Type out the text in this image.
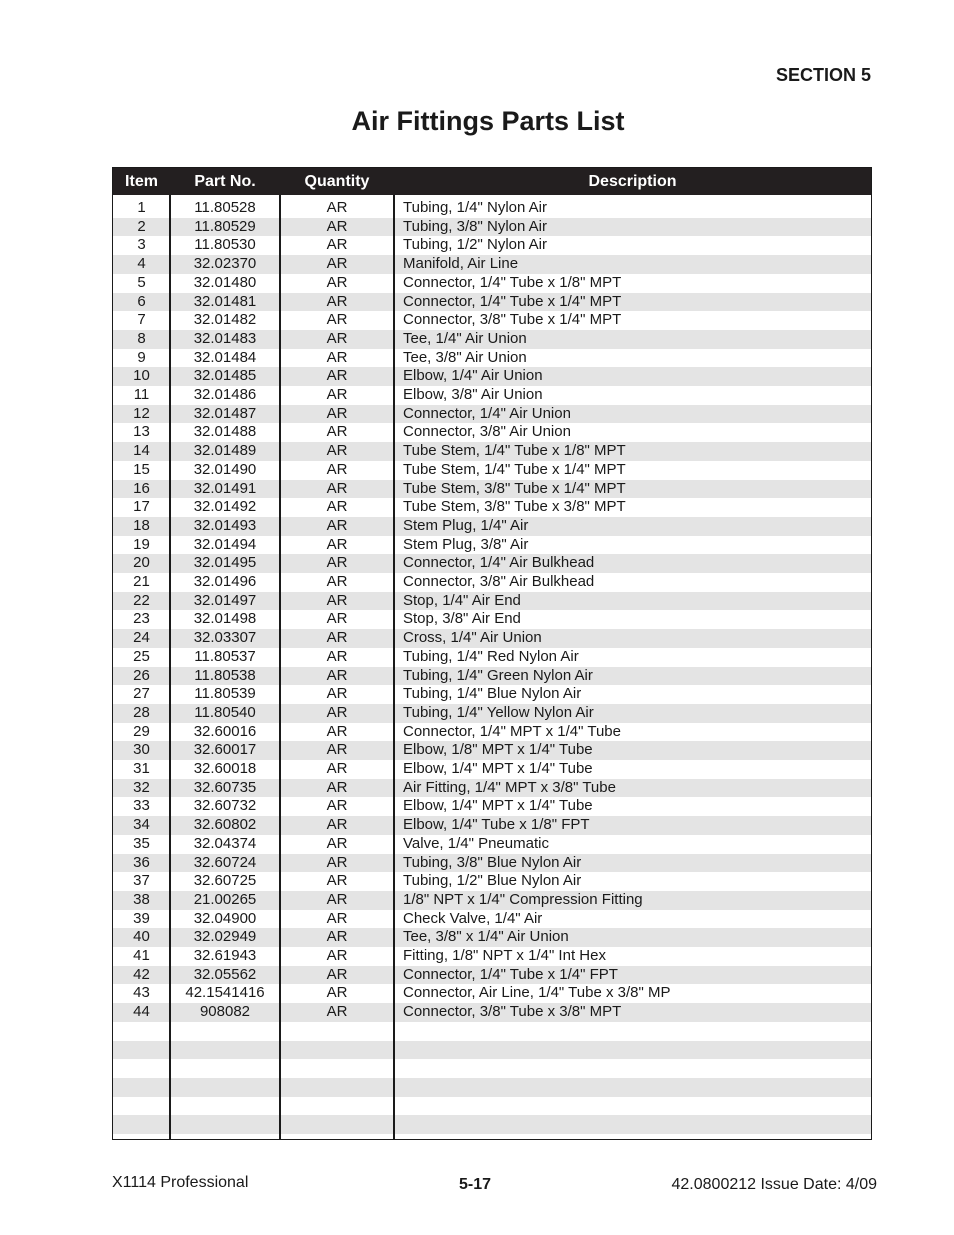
SECTION 5
Air Fittings Parts List
Item	Part No.	Quantity	Description
1	11.80528	AR	Tubing, 1/4" Nylon Air
2	11.80529	AR	Tubing, 3/8" Nylon Air
3	11.80530	AR	Tubing, 1/2" Nylon Air
4	32.02370	AR	Manifold, Air Line
5	32.01480	AR	Connector, 1/4" Tube x 1/8" MPT
6	32.01481	AR	Connector, 1/4" Tube x 1/4" MPT
7	32.01482	AR	Connector, 3/8" Tube x 1/4" MPT
8	32.01483	AR	Tee, 1/4" Air Union
9	32.01484	AR	Tee, 3/8" Air Union
10	32.01485	AR	Elbow, 1/4" Air Union
11	32.01486	AR	Elbow, 3/8" Air Union
12	32.01487	AR	Connector, 1/4" Air Union
13	32.01488	AR	Connector, 3/8" Air Union
14	32.01489	AR	Tube Stem, 1/4" Tube x 1/8" MPT
15	32.01490	AR	Tube Stem, 1/4" Tube x 1/4" MPT
16	32.01491	AR	Tube Stem, 3/8" Tube x 1/4" MPT
17	32.01492	AR	Tube Stem, 3/8" Tube x 3/8" MPT
18	32.01493	AR	Stem Plug, 1/4" Air
19	32.01494	AR	Stem Plug, 3/8" Air
20	32.01495	AR	Connector, 1/4" Air Bulkhead
21	32.01496	AR	Connector, 3/8" Air Bulkhead
22	32.01497	AR	Stop, 1/4" Air End
23	32.01498	AR	Stop, 3/8" Air End
24	32.03307	AR	Cross, 1/4" Air Union
25	11.80537	AR	Tubing, 1/4" Red Nylon Air
26	11.80538	AR	Tubing, 1/4" Green Nylon Air
27	11.80539	AR	Tubing, 1/4" Blue Nylon Air
28	11.80540	AR	Tubing, 1/4" Yellow Nylon Air
29	32.60016	AR	Connector, 1/4" MPT x 1/4" Tube
30	32.60017	AR	Elbow, 1/8" MPT x 1/4" Tube
31	32.60018	AR	Elbow, 1/4" MPT x 1/4" Tube
32	32.60735	AR	Air Fitting, 1/4" MPT x 3/8" Tube
33	32.60732	AR	Elbow, 1/4" MPT x 1/4" Tube
34	32.60802	AR	Elbow, 1/4" Tube x 1/8" FPT
35	32.04374	AR	Valve, 1/4" Pneumatic
36	32.60724	AR	Tubing, 3/8" Blue Nylon Air
37	32.60725	AR	Tubing, 1/2" Blue Nylon Air
38	21.00265	AR	1/8" NPT x 1/4" Compression Fitting
39	32.04900	AR	Check Valve, 1/4" Air
40	32.02949	AR	Tee, 3/8" x 1/4" Air Union
41	32.61943	AR	Fitting, 1/8" NPT x 1/4" Int Hex
42	32.05562	AR	Connector, 1/4" Tube x 1/4" FPT
43	42.1541416	AR	Connector, Air Line, 1/4" Tube x 3/8" MP
44	908082	AR	Connector, 3/8" Tube x 3/8" MPT
X1114 Professional	5-17	42.0800212 Issue Date: 4/09
